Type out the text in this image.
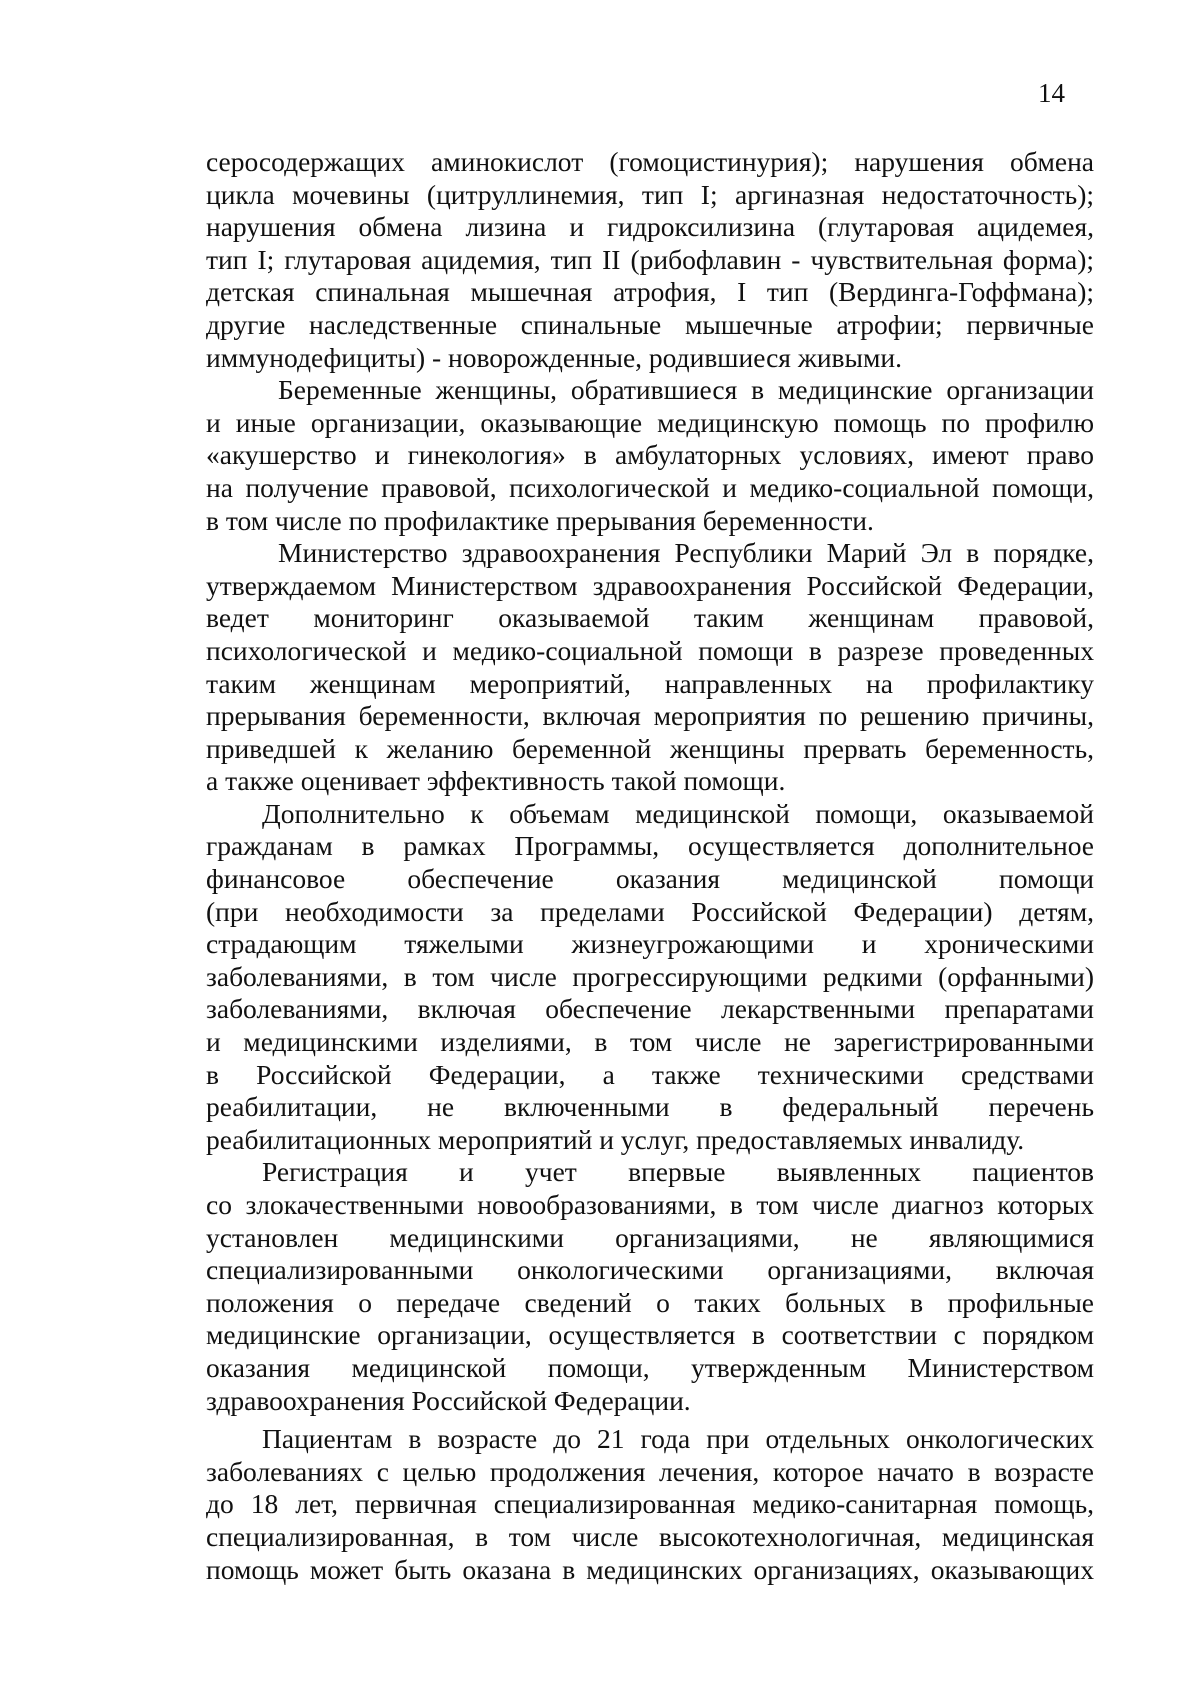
14
серосодержащих аминокислот (гомоцистинурия); нарушения обмена
цикла мочевины (цитруллинемия, тип I; аргиназная недостаточность);
нарушения обмена лизина и гидроксилизина (глутаровая ацидемея,
тип I; глутаровая ацидемия, тип II (рибофлавин - чувствительная форма);
детская спинальная мышечная атрофия, I тип (Вердинга-Гоффмана);
другие наследственные спинальные мышечные атрофии; первичные
иммунодефициты) - новорожденные, родившиеся живыми.
Беременные женщины, обратившиеся в медицинские организации
и иные организации, оказывающие медицинскую помощь по профилю
«акушерство и гинекология» в амбулаторных условиях, имеют право
на получение правовой, психологической и медико-социальной помощи,
в том числе по профилактике прерывания беременности.
Министерство здравоохранения Республики Марий Эл в порядке,
утверждаемом Министерством здравоохранения Российской Федерации,
ведет мониторинг оказываемой таким женщинам правовой,
психологической и медико-социальной помощи в разрезе проведенных
таким женщинам мероприятий, направленных на профилактику
прерывания беременности, включая мероприятия по решению причины,
приведшей к желанию беременной женщины прервать беременность,
а также оценивает эффективность такой помощи.
Дополнительно к объемам медицинской помощи, оказываемой
гражданам в рамках Программы, осуществляется дополнительное
финансовое обеспечение оказания медицинской помощи
(при необходимости за пределами Российской Федерации) детям,
страдающим тяжелыми жизнеугрожающими и хроническими
заболеваниями, в том числе прогрессирующими редкими (орфанными)
заболеваниями, включая обеспечение лекарственными препаратами
и медицинскими изделиями, в том числе не зарегистрированными
в Российской Федерации, а также техническими средствами
реабилитации, не включенными в федеральный перечень
реабилитационных мероприятий и услуг, предоставляемых инвалиду.
Регистрация и учет впервые выявленных пациентов
со злокачественными новообразованиями, в том числе диагноз которых
установлен медицинскими организациями, не являющимися
специализированными онкологическими организациями, включая
положения о передаче сведений о таких больных в профильные
медицинские организации, осуществляется в соответствии с порядком
оказания медицинской помощи, утвержденным Министерством
здравоохранения Российской Федерации.
Пациентам в возрасте до 21 года при отдельных онкологических
заболеваниях с целью продолжения лечения, которое начато в возрасте
до 18 лет, первичная специализированная медико-санитарная помощь,
специализированная, в том числе высокотехнологичная, медицинская
помощь может быть оказана в медицинских организациях, оказывающих
